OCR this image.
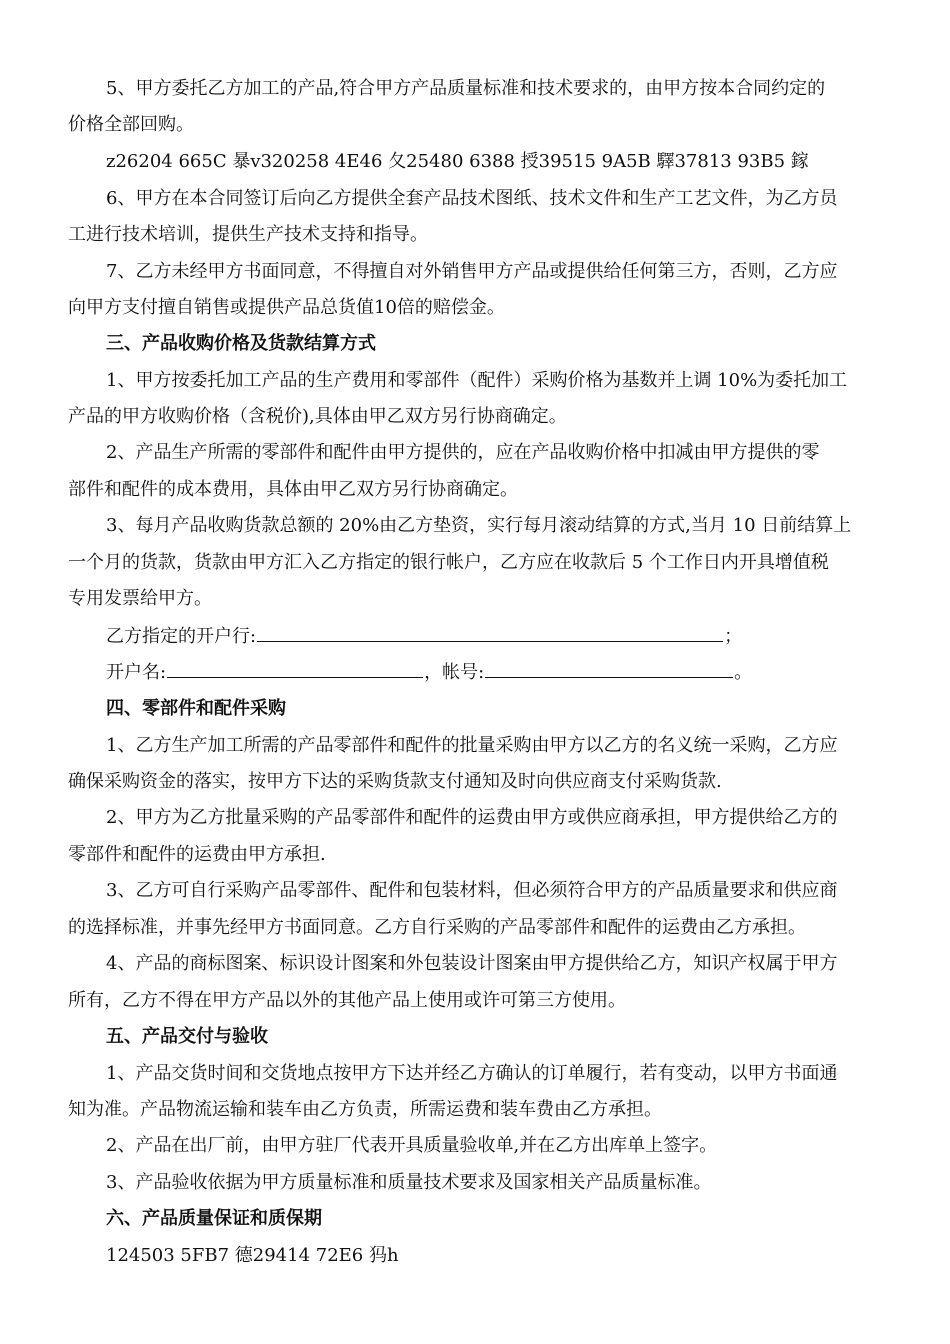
5、甲方委托乙方加工的产品,符合甲方产品质量标准和技术要求的，由甲方按本合同约定的
价格全部回购。
z26204 665C 暴v320258 4E46 夂25480 6388 授39515 9A5B 驛37813 93B5 鎵
6、甲方在本合同签订后向乙方提供全套产品技术图纸、技术文件和生产工艺文件，为乙方员
工进行技术培训，提供生产技术支持和指导。
7、乙方未经甲方书面同意，不得擅自对外销售甲方产品或提供给任何第三方，否则，乙方应
向甲方支付擅自销售或提供产品总货值10倍的赔偿金。
三、产品收购价格及货款结算方式
1、甲方按委托加工产品的生产费用和零部件（配件）采购价格为基数并上调 10%为委托加工
产品的甲方收购价格（含税价),具体由甲乙双方另行协商确定。
2、产品生产所需的零部件和配件由甲方提供的，应在产品收购价格中扣减由甲方提供的零
部件和配件的成本费用，具体由甲乙双方另行协商确定。
3、每月产品收购货款总额的 20%由乙方垫资，实行每月滚动结算的方式,当月 10 日前结算上
一个月的货款，货款由甲方汇入乙方指定的银行帐户，乙方应在收款后 5 个工作日内开具增值税
专用发票给甲方。
乙方指定的开户行:	；
开户名:	，帐号:	。
四、零部件和配件采购
1、乙方生产加工所需的产品零部件和配件的批量采购由甲方以乙方的名义统一采购，乙方应
确保采购资金的落实，按甲方下达的采购货款支付通知及时向供应商支付采购货款.
2、甲方为乙方批量采购的产品零部件和配件的运费由甲方或供应商承担，甲方提供给乙方的
零部件和配件的运费由甲方承担.
3、乙方可自行采购产品零部件、配件和包装材料，但必须符合甲方的产品质量要求和供应商
的选择标准，并事先经甲方书面同意。乙方自行采购的产品零部件和配件的运费由乙方承担。
4、产品的商标图案、标识设计图案和外包装设计图案由甲方提供给乙方，知识产权属于甲方
所有，乙方不得在甲方产品以外的其他产品上使用或许可第三方使用。
五、产品交付与验收
1、产品交货时间和交货地点按甲方下达并经乙方确认的订单履行，若有变动，以甲方书面通
知为准。产品物流运输和装车由乙方负责，所需运费和装车费由乙方承担。
2、产品在出厂前，由甲方驻厂代表开具质量验收单,并在乙方出库单上签字。
3、产品验收依据为甲方质量标准和质量技术要求及国家相关产品质量标准。
六、产品质量保证和质保期
124503 5FB7 德29414 72E6 犸h
